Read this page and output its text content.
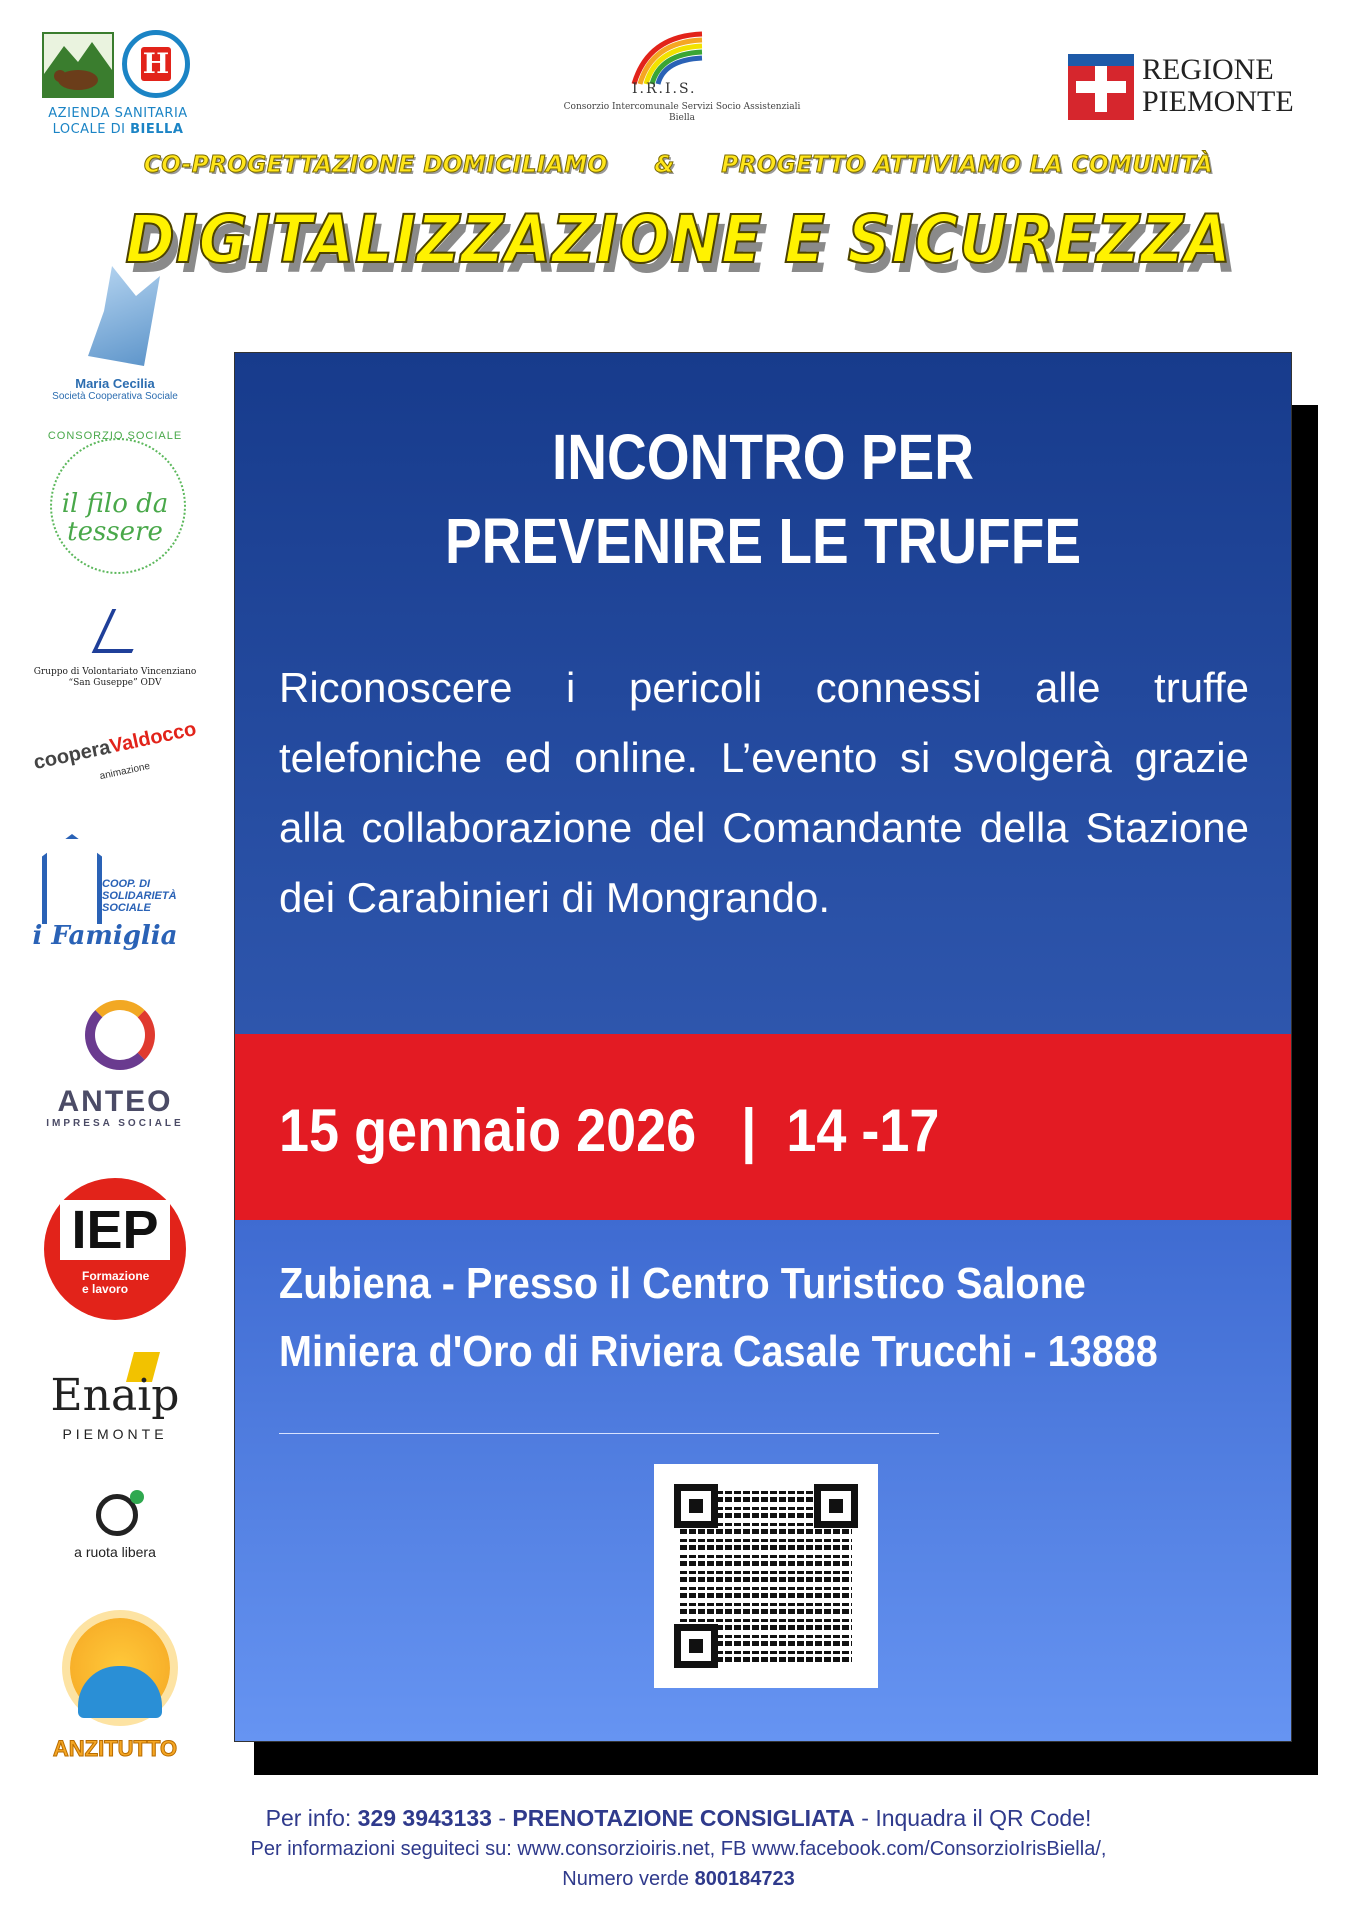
H
AZIENDA SANITARIA
LOCALE DI BIELLA
I.R.I.S.
Consorzio Intercomunale Servizi Socio Assistenziali
Biella
REGIONE
PIEMONTE
CO-PROGETTAZIONE DOMICILIAMO & PROGETTO ATTIVIAMO LA COMUNITÀ
DIGITALIZZAZIONE E SICUREZZA
Maria Cecilia
Società Cooperativa Sociale
CONSORZIO SOCIALE
il filo da tessere
Gruppo di Volontariato Vincenziano
“San Guseppe” ODV
cooperaValdocco
animazione
COOP. DI SOLIDARIETÀ SOCIALE
i Famiglia
ANTEO
IMPRESA SOCIALE
IEP
Formazione
e lavoro
Enaip
PIEMONTE
a ruota libera
ANZITUTTO
INCONTRO PER
PREVENIRE LE TRUFFE
Riconoscere i pericoli connessi alle truffe telefoniche ed online. L’evento si svolgerà grazie alla collaborazione del Comandante della Stazione dei Carabinieri di Mongrando.
15 gennaio 2026   |  14 -17
Zubiena - Presso il Centro Turistico Salone
Miniera d'Oro di Riviera Casale Trucchi - 13888
Per info: 329 3943133 - PRENOTAZIONE CONSIGLIATA - Inquadra il QR Code!
Per informazioni seguiteci su: www.consorzioiris.net, FB www.facebook.com/ConsorzioIrisBiella/,
Numero verde 800184723
